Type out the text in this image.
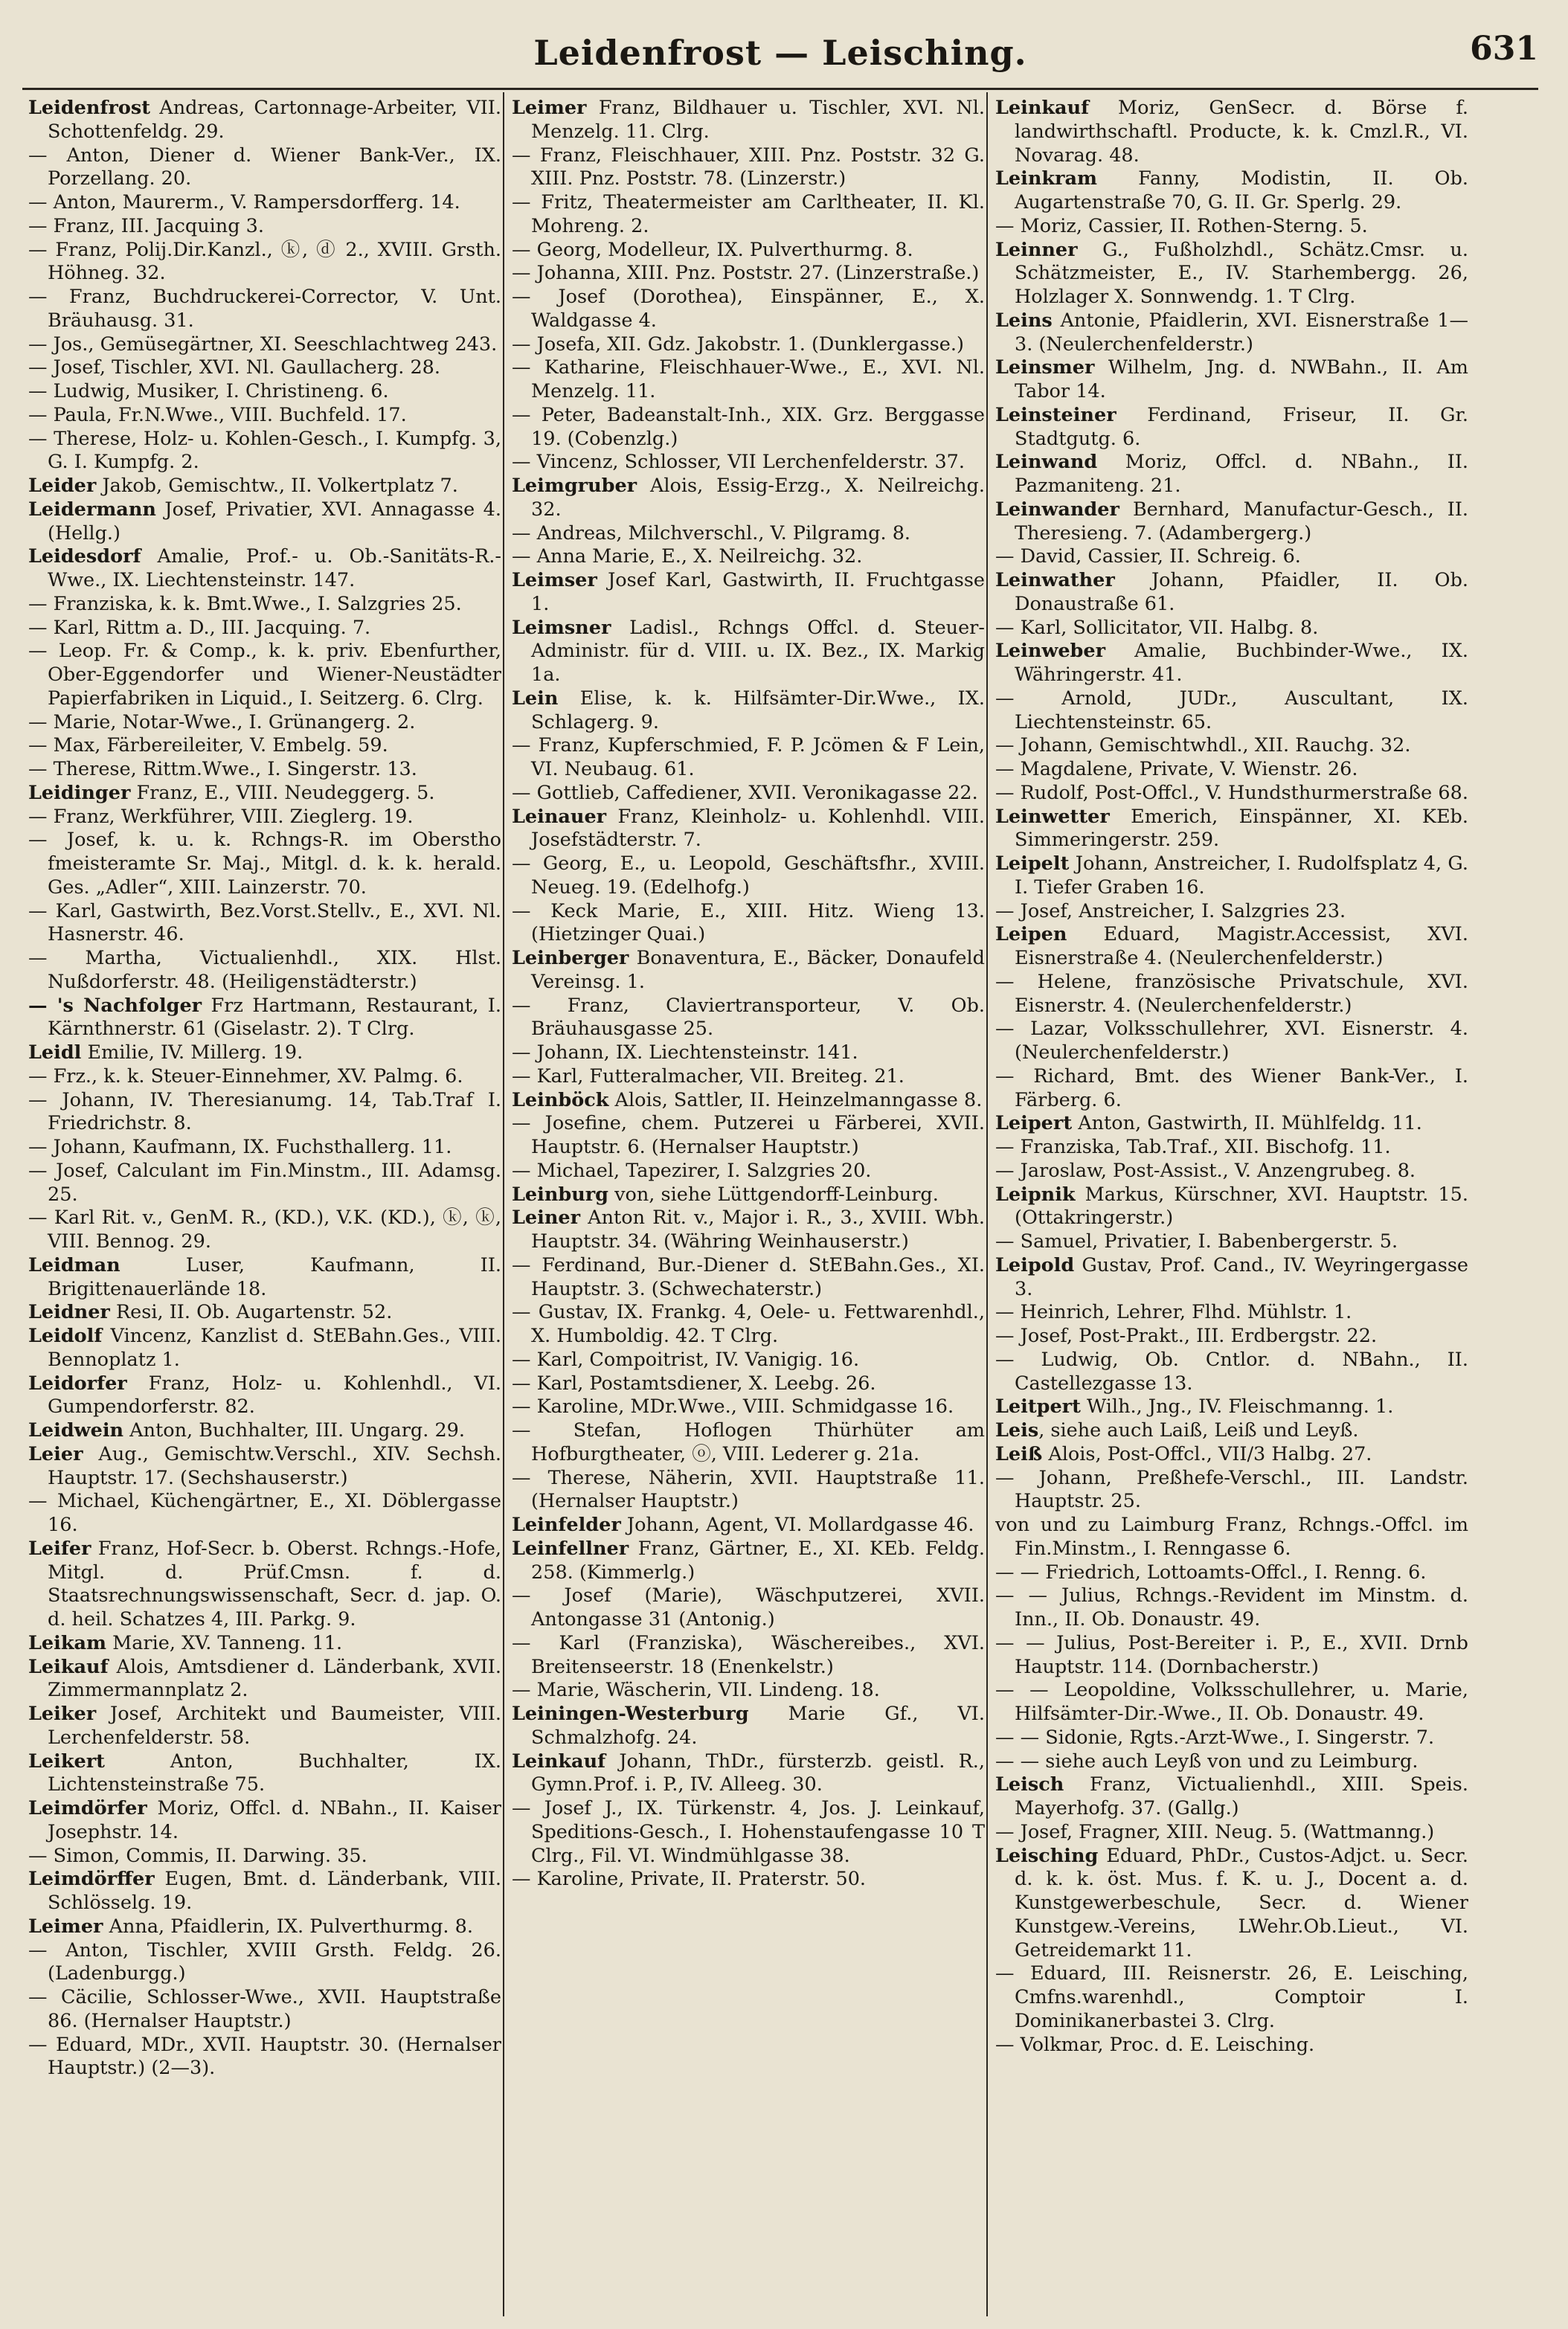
Leidenfrost — Leisching.	631
Leidenfrost Andreas, Cartonnage-Arbeiter, VII. Schottenfeldg. 29.
— Anton, Diener d. Wiener Bank-Ver., IX. Porzellang. 20.
— Anton, Maurerm., V. Rampersdorfferg. 14.
— Franz, III. Jacquing 3.
— Franz, Polij.Dir.Kanzl., ⓚ, ⓓ 2., XVIII. Grsth. Höhneg. 32.
— Franz, Buchdruckerei-Corrector, V. Unt. Bräuhausg. 31.
— Jos., Gemüsegärtner, XI. Seeschlachtweg 243.
— Josef, Tischler, XVI. Nl. Gaullacherg. 28.
— Ludwig, Musiker, I. Christineng. 6.
— Paula, Fr.N.Wwe., VIII. Buchfeld. 17.
— Therese, Holz- u. Kohlen-Gesch., I. Kumpfg. 3, G. I. Kumpfg. 2.
Leider Jakob, Gemischtw., II. Volkertplatz 7.
Leidermann Josef, Privatier, XVI. Annagasse 4. (Hellg.)
Leidesdorf Amalie, Prof.- u. Ob.-Sanitäts-R.-Wwe., IX. Liechtensteinstr. 147.
— Franziska, k. k. Bmt.Wwe., I. Salzgries 25.
— Karl, Rittm a. D., III. Jacquing. 7.
— Leop. Fr. & Comp., k. k. priv. Ebenfurther, Ober-Eggendorfer und Wiener-Neustädter Papierfabriken in Liquid., I. Seitzerg. 6. Clrg.
— Marie, Notar-Wwe., I. Grünangerg. 2.
— Max, Färbereileiter, V. Embelg. 59.
— Therese, Rittm.Wwe., I. Singerstr. 13.
Leidinger Franz, E., VIII. Neudeggerg. 5.
— Franz, Werkführer, VIII. Zieglerg. 19.
— Josef, k. u. k. Rchngs-R. im Oberstho fmeisteramte Sr. Maj., Mitgl. d. k. k. herald. Ges. „Adler“, XIII. Lainzerstr. 70.
— Karl, Gastwirth, Bez.Vorst.Stellv., E., XVI. Nl. Hasnerstr. 46.
— Martha, Victualienhdl., XIX. Hlst. Nußdorferstr. 48. (Heiligenstädterstr.)
— 's Nachfolger Frz Hartmann, Restaurant, I. Kärnthnerstr. 61 (Giselastr. 2). T Clrg.
Leidl Emilie, IV. Millerg. 19.
— Frz., k. k. Steuer-Einnehmer, XV. Palmg. 6.
— Johann, IV. Theresianumg. 14, Tab.Traf I. Friedrichstr. 8.
— Johann, Kaufmann, IX. Fuchsthallerg. 11.
— Josef, Calculant im Fin.Minstm., III. Adamsg. 25.
— Karl Rit. v., GenM. R., (KD.), V.K. (KD.), ⓚ, ⓚ, VIII. Bennog. 29.
Leidman Luser, Kaufmann, II. Brigittenauerlände 18.
Leidner Resi, II. Ob. Augartenstr. 52.
Leidolf Vincenz, Kanzlist d. StEBahn.Ges., VIII. Bennoplatz 1.
Leidorfer Franz, Holz- u. Kohlenhdl., VI. Gumpendorferstr. 82.
Leidwein Anton, Buchhalter, III. Ungarg. 29.
Leier Aug., Gemischtw.Verschl., XIV. Sechsh. Hauptstr. 17. (Sechshauserstr.)
— Michael, Küchengärtner, E., XI. Döblergasse 16.
Leifer Franz, Hof-Secr. b. Oberst. Rchngs.-Hofe, Mitgl. d. Prüf.Cmsn. f. d. Staatsrechnungswissenschaft, Secr. d. jap. O. d. heil. Schatzes 4, III. Parkg. 9.
Leikam Marie, XV. Tanneng. 11.
Leikauf Alois, Amtsdiener d. Länderbank, XVII. Zimmermannplatz 2.
Leiker Josef, Architekt und Baumeister, VIII. Lerchenfelderstr. 58.
Leikert Anton, Buchhalter, IX. Lichtensteinstraße 75.
Leimdörfer Moriz, Offcl. d. NBahn., II. Kaiser Josephstr. 14.
— Simon, Commis, II. Darwing. 35.
Leimdörffer Eugen, Bmt. d. Länderbank, VIII. Schlösselg. 19.
Leimer Anna, Pfaidlerin, IX. Pulverthurmg. 8.
— Anton, Tischler, XVIII Grsth. Feldg. 26. (Ladenburgg.)
— Cäcilie, Schlosser-Wwe., XVII. Hauptstraße 86. (Hernalser Hauptstr.)
— Eduard, MDr., XVII. Hauptstr. 30. (Hernalser Hauptstr.) (2—3).
Leimer Franz, Bildhauer u. Tischler, XVI. Nl. Menzelg. 11. Clrg.
— Franz, Fleischhauer, XIII. Pnz. Poststr. 32 G. XIII. Pnz. Poststr. 78. (Linzerstr.)
— Fritz, Theatermeister am Carltheater, II. Kl. Mohreng. 2.
— Georg, Modelleur, IX. Pulverthurmg. 8.
— Johanna, XIII. Pnz. Poststr. 27. (Linzerstraße.)
— Josef (Dorothea), Einspänner, E., X. Waldgasse 4.
— Josefa, XII. Gdz. Jakobstr. 1. (Dunklergasse.)
— Katharine, Fleischhauer-Wwe., E., XVI. Nl. Menzelg. 11.
— Peter, Badeanstalt-Inh., XIX. Grz. Berggasse 19. (Cobenzlg.)
— Vincenz, Schlosser, VII Lerchenfelderstr. 37.
Leimgruber Alois, Essig-Erzg., X. Neilreichg. 32.
— Andreas, Milchverschl., V. Pilgramg. 8.
— Anna Marie, E., X. Neilreichg. 32.
Leimser Josef Karl, Gastwirth, II. Fruchtgasse 1.
Leimsner Ladisl., Rchngs Offcl. d. Steuer-Administr. für d. VIII. u. IX. Bez., IX. Markig 1a.
Lein Elise, k. k. Hilfsämter-Dir.Wwe., IX. Schlagerg. 9.
— Franz, Kupferschmied, F. P. Jcömen & F Lein, VI. Neubaug. 61.
— Gottlieb, Caffediener, XVII. Veronikagasse 22.
Leinauer Franz, Kleinholz- u. Kohlenhdl. VIII. Josefstädterstr. 7.
— Georg, E., u. Leopold, Geschäftsfhr., XVIII. Neueg. 19. (Edelhofg.)
— Keck Marie, E., XIII. Hitz. Wieng 13. (Hietzinger Quai.)
Leinberger Bonaventura, E., Bäcker, Donaufeld Vereinsg. 1.
— Franz, Claviertransporteur, V. Ob. Bräuhausgasse 25.
— Johann, IX. Liechtensteinstr. 141.
— Karl, Futteralmacher, VII. Breiteg. 21.
Leinböck Alois, Sattler, II. Heinzelmanngasse 8.
— Josefine, chem. Putzerei u Färberei, XVII. Hauptstr. 6. (Hernalser Hauptstr.)
— Michael, Tapezirer, I. Salzgries 20.
Leinburg von, siehe Lüttgendorff-Leinburg.
Leiner Anton Rit. v., Major i. R., 3., XVIII. Wbh. Hauptstr. 34. (Währing Weinhauserstr.)
— Ferdinand, Bur.-Diener d. StEBahn.Ges., XI. Hauptstr. 3. (Schwechaterstr.)
— Gustav, IX. Frankg. 4, Oele- u. Fettwarenhdl., X. Humboldig. 42. T Clrg.
— Karl, Compoitrist, IV. Vanigig. 16.
— Karl, Postamtsdiener, X. Leebg. 26.
— Karoline, MDr.Wwe., VIII. Schmidgasse 16.
— Stefan, Hoflogen Thürhüter am Hofburgtheater, ⓞ, VIII. Lederer g. 21a.
— Therese, Näherin, XVII. Hauptstraße 11. (Hernalser Hauptstr.)
Leinfelder Johann, Agent, VI. Mollardgasse 46.
Leinfellner Franz, Gärtner, E., XI. KEb. Feldg. 258. (Kimmerlg.)
— Josef (Marie), Wäschputzerei, XVII. Antongasse 31 (Antonig.)
— Karl (Franziska), Wäschereibes., XVI. Breitenseerstr. 18 (Enenkelstr.)
— Marie, Wäscherin, VII. Lindeng. 18.
Leiningen-Westerburg Marie Gf., VI. Schmalzhofg. 24.
Leinkauf Johann, ThDr., fürsterzb. geistl. R., Gymn.Prof. i. P., IV. Alleeg. 30.
— Josef J., IX. Türkenstr. 4, Jos. J. Leinkauf, Speditions-Gesch., I. Hohenstaufengasse 10 T Clrg., Fil. VI. Windmühlgasse 38.
— Karoline, Private, II. Praterstr. 50.
Leinkauf Moriz, GenSecr. d. Börse f. landwirthschaftl. Producte, k. k. Cmzl.R., VI. Novarag. 48.
Leinkram Fanny, Modistin, II. Ob. Augartenstraße 70, G. II. Gr. Sperlg. 29.
— Moriz, Cassier, II. Rothen-Sterng. 5.
Leinner G., Fußholzhdl., Schätz.Cmsr. u. Schätzmeister, E., IV. Starhembergg. 26, Holzlager X. Sonnwendg. 1. T Clrg.
Leins Antonie, Pfaidlerin, XVI. Eisnerstraße 1—3. (Neulerchenfelderstr.)
Leinsmer Wilhelm, Jng. d. NWBahn., II. Am Tabor 14.
Leinsteiner Ferdinand, Friseur, II. Gr. Stadtgutg. 6.
Leinwand Moriz, Offcl. d. NBahn., II. Pazmaniteng. 21.
Leinwander Bernhard, Manufactur-Gesch., II. Theresieng. 7. (Adambergerg.)
— David, Cassier, II. Schreig. 6.
Leinwather Johann, Pfaidler, II. Ob. Donaustraße 61.
— Karl, Sollicitator, VII. Halbg. 8.
Leinweber Amalie, Buchbinder-Wwe., IX. Währingerstr. 41.
— Arnold, JUDr., Auscultant, IX. Liechtensteinstr. 65.
— Johann, Gemischtwhdl., XII. Rauchg. 32.
— Magdalene, Private, V. Wienstr. 26.
— Rudolf, Post-Offcl., V. Hundsthurmerstraße 68.
Leinwetter Emerich, Einspänner, XI. KEb. Simmeringerstr. 259.
Leipelt Johann, Anstreicher, I. Rudolfsplatz 4, G. I. Tiefer Graben 16.
— Josef, Anstreicher, I. Salzgries 23.
Leipen Eduard, Magistr.Accessist, XVI. Eisnerstraße 4. (Neulerchenfelderstr.)
— Helene, französische Privatschule, XVI. Eisnerstr. 4. (Neulerchenfelderstr.)
— Lazar, Volksschullehrer, XVI. Eisnerstr. 4. (Neulerchenfelderstr.)
— Richard, Bmt. des Wiener Bank-Ver., I. Färberg. 6.
Leipert Anton, Gastwirth, II. Mühlfeldg. 11.
— Franziska, Tab.Traf., XII. Bischofg. 11.
— Jaroslaw, Post-Assist., V. Anzengrubeg. 8.
Leipnik Markus, Kürschner, XVI. Hauptstr. 15. (Ottakringerstr.)
— Samuel, Privatier, I. Babenbergerstr. 5.
Leipold Gustav, Prof. Cand., IV. Weyringergasse 3.
— Heinrich, Lehrer, Flhd. Mühlstr. 1.
— Josef, Post-Prakt., III. Erdbergstr. 22.
— Ludwig, Ob. Cntlor. d. NBahn., II. Castellezgasse 13.
Leitpert Wilh., Jng., IV. Fleischmanng. 1.
Leis, siehe auch Laiß, Leiß und Leyß.
Leiß Alois, Post-Offcl., VII/3 Halbg. 27.
— Johann, Preßhefe-Verschl., III. Landstr. Hauptstr. 25.
von und zu Laimburg Franz, Rchngs.-Offcl. im Fin.Minstm., I. Renngasse 6.
— — Friedrich, Lottoamts-Offcl., I. Renng. 6.
— — Julius, Rchngs.-Revident im Minstm. d. Inn., II. Ob. Donaustr. 49.
— — Julius, Post-Bereiter i. P., E., XVII. Drnb Hauptstr. 114. (Dornbacherstr.)
— — Leopoldine, Volksschullehrer, u. Marie, Hilfsämter-Dir.-Wwe., II. Ob. Donaustr. 49.
— — Sidonie, Rgts.-Arzt-Wwe., I. Singerstr. 7.
— — siehe auch Leyß von und zu Leimburg.
Leisch Franz, Victualienhdl., XIII. Speis. Mayerhofg. 37. (Gallg.)
— Josef, Fragner, XIII. Neug. 5. (Wattmanng.)
Leisching Eduard, PhDr., Custos-Adjct. u. Secr. d. k. k. öst. Mus. f. K. u. J., Docent a. d. Kunstgewerbeschule, Secr. d. Wiener Kunstgew.-Vereins, LWehr.Ob.Lieut., VI. Getreidemarkt 11.
— Eduard, III. Reisnerstr. 26, E. Leisching, Cmfns.warenhdl., Comptoir I. Dominikanerbastei 3. Clrg.
— Volkmar, Proc. d. E. Leisching.
